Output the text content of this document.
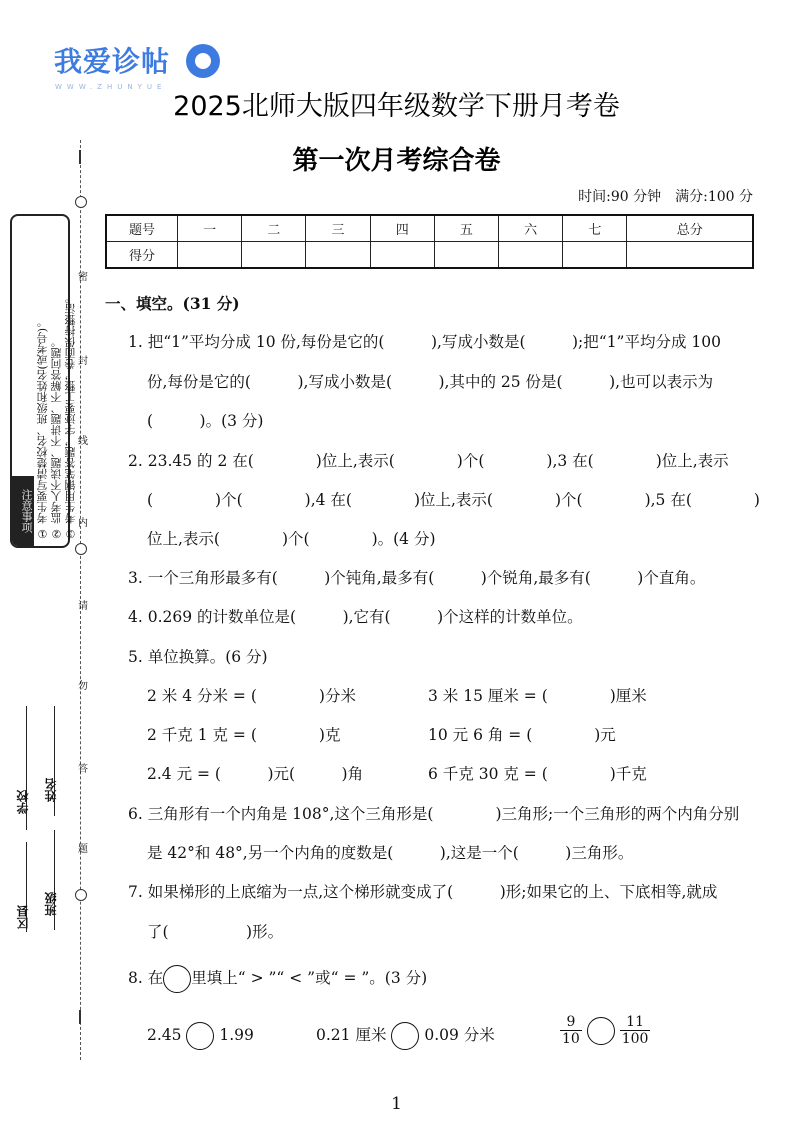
我爱诊帖
WWW.ZHUNYUE
2025北师大版四年级数学下册月考卷
第一次月考综合卷
时间:90 分钟　满分:100 分
题号	一	二	三	四	五	六	七	总分
得分								
密
封
线
内
请
勿
答
题
注意事项 ① 考生要写清楚校名、班级和姓名(或考号)。 ② 监考人不读题、不讲题、不解答问题。 ③ 考生用钢笔答题，字迹要工整，卷面保持整洁。
学校 姓名
区县
班级
一、填空。(31 分)
1. 把“1”平均分成 10 份,每份是它的(　　　),写成小数是(　　　);把“1”平均分成 100
份,每份是它的(　　　),写成小数是(　　　),其中的 25 份是(　　　),也可以表示为
(　　　)。(3 分)
2. 23.45 的 2 在(　　　　)位上,表示(　　　　)个(　　　　),3 在(　　　　)位上,表示
(　　　　)个(　　　　),4 在(　　　　)位上,表示(　　　　)个(　　　　),5 在(　　　　)
位上,表示(　　　　)个(　　　　)。(4 分)
3. 一个三角形最多有(　　　)个钝角,最多有(　　　)个锐角,最多有(　　　)个直角。
4. 0.269 的计数单位是(　　　),它有(　　　)个这样的计数单位。
5. 单位换算。(6 分)
2 米 4 分米 = (　　　　)分米	3 米 15 厘米 = (　　　　)厘米
2 千克 1 克 = (　　　　)克	10 元 6 角 = (　　　　)元
2.4 元 = (　　　)元(　　　)角	6 千克 30 克 = (　　　　)千克
6. 三角形有一个内角是 108°,这个三角形是(　　　　)三角形;一个三角形的两个内角分别
是 42°和 48°,另一个内角的度数是(　　　),这是一个(　　　)三角形。
7. 如果梯形的上底缩为一点,这个梯形就变成了(　　　)形;如果它的上、下底相等,就成
了(　　　　　)形。
8. 在 里填上“ > ”“ < ”或“ = ”。(3 分)
2.45 1.99	0.21 厘米 0.09 分米	$\frac{9}{10}$
	$\frac{11}{100}$
1
